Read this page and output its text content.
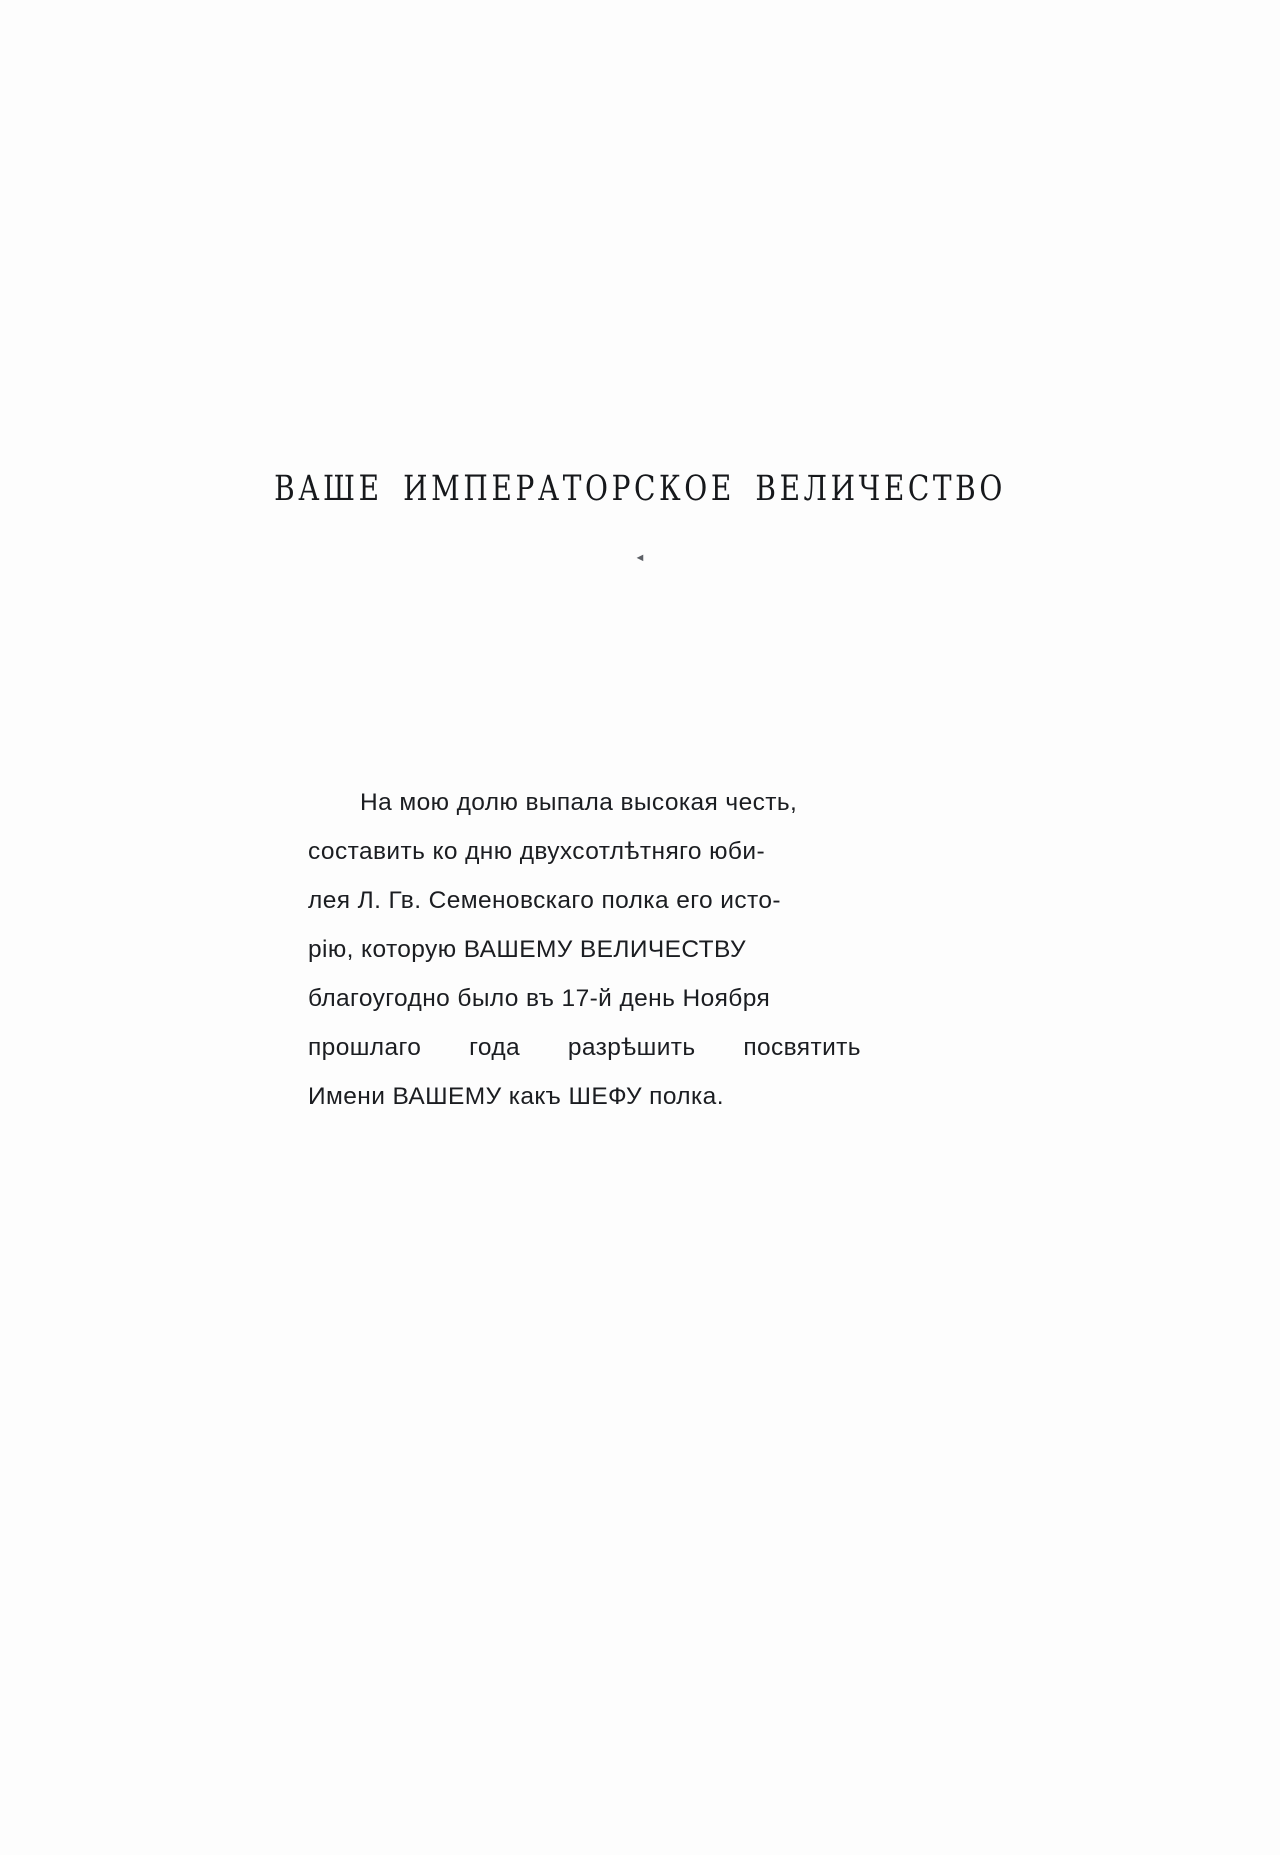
ВАШЕ ИМПЕРАТОРСКОЕ ВЕЛИЧЕСТВО
◄
На мою долю выпала высокая честь,
составить ко дню двухсотлѣтняго юби-
лея Л. Гв. Семеновскаго полка его исто-
рію, которую ВАШЕМУ ВЕЛИЧЕСТВУ
благоугодно было въ 17-й день Ноября
прошлаго года разрѣшить посвятить
Имени ВАШЕМУ какъ ШЕФУ полка.
